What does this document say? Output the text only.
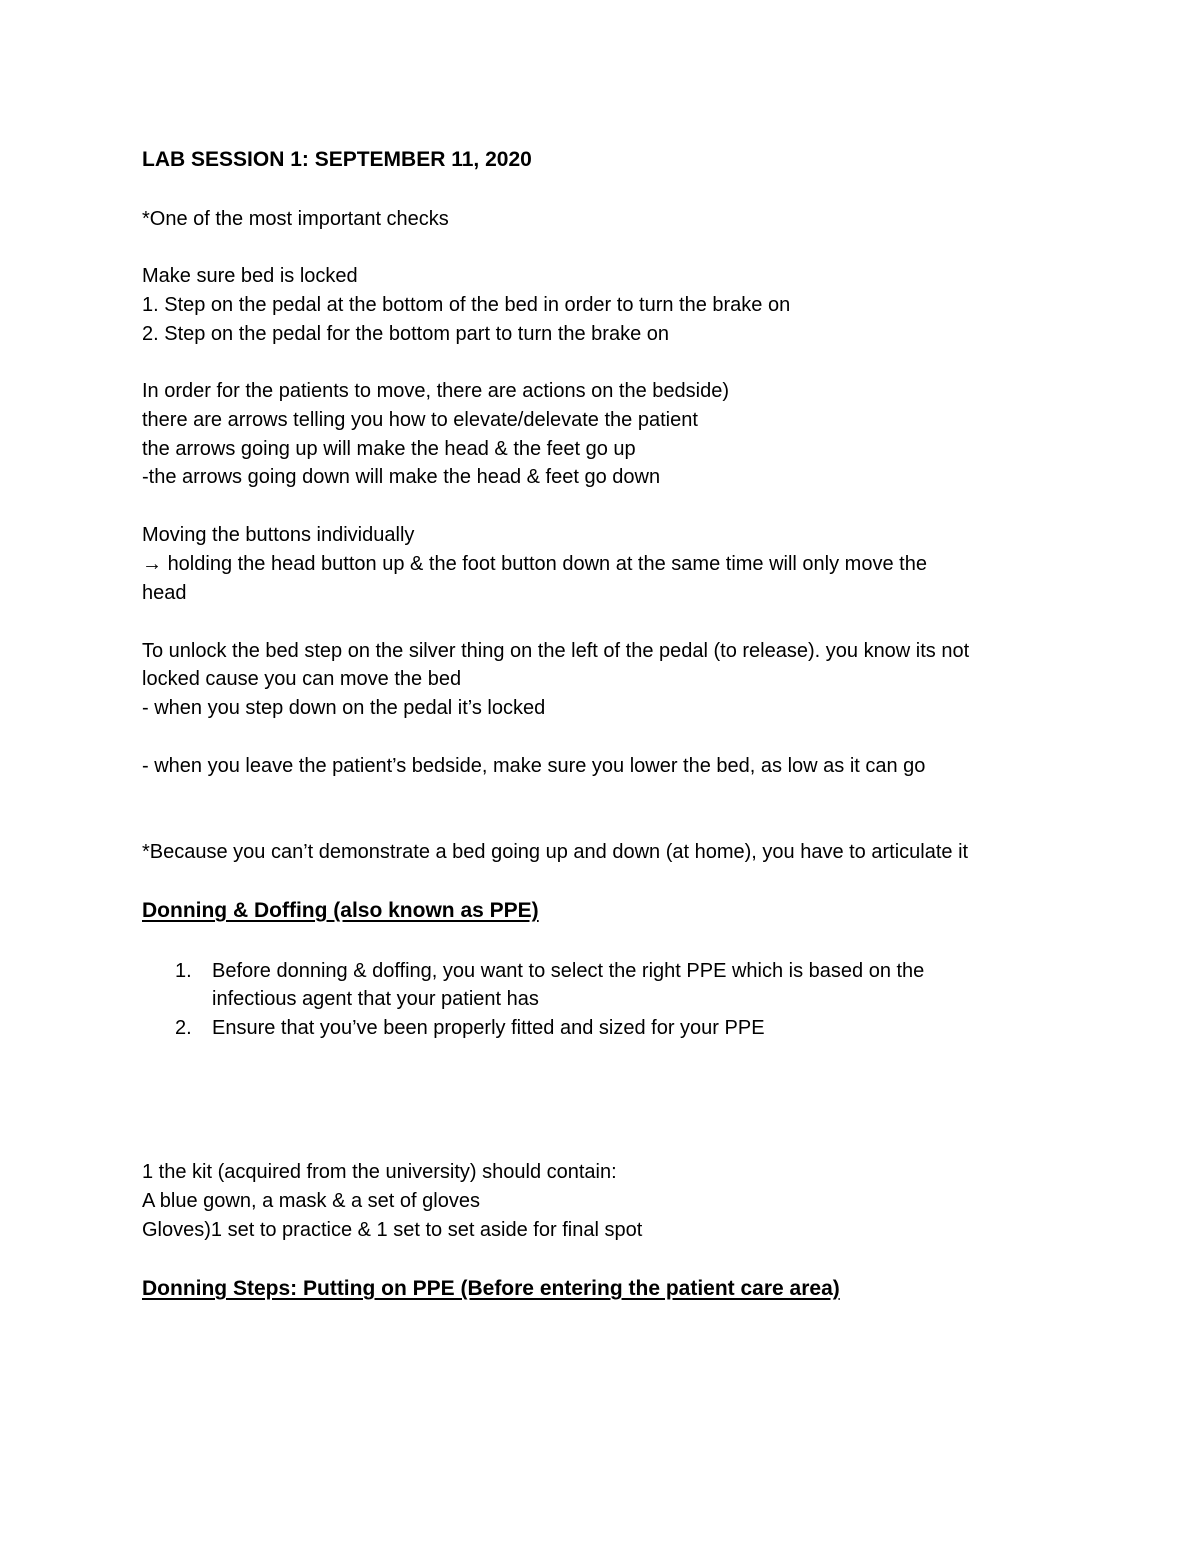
LAB SESSION 1: SEPTEMBER 11, 2020
*One of the most important checks
Make sure bed is locked
1. Step on the pedal at the bottom of the bed in order to turn the brake on
2. Step on the pedal for the bottom part to turn the brake on
In order for the patients to move, there are actions on the bedside)
there are arrows telling you how to elevate/delevate the patient
the arrows going up will make the head & the feet go up
-the arrows going down will make the head & feet go down
Moving the buttons individually
→ holding the head button up & the foot button down at the same time will only move the
head
To unlock the bed step on the silver thing on the left of the pedal (to release). you know its not
locked cause you can move the bed
- when you step down on the pedal it’s locked
- when you leave the patient’s bedside, make sure you lower the bed, as low as it can go
*Because you can’t demonstrate a bed going up and down (at home), you have to articulate it
Donning & Doffing (also known as PPE)
1. Before donning & doffing, you want to select the right PPE which is based on the
infectious agent that your patient has
2. Ensure that you’ve been properly fitted and sized for your PPE
1 the kit (acquired from the university) should contain:
A blue gown, a mask & a set of gloves
Gloves)1 set to practice & 1 set to set aside for final spot
Donning Steps: Putting on PPE (Before entering the patient care area)
